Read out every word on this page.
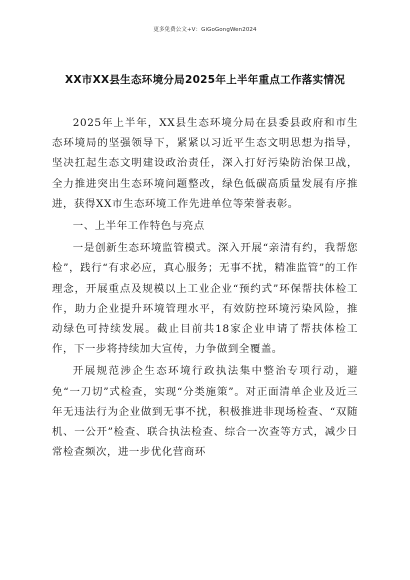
更多免费公文+V：GiGoGongWen2024
XX市XX县生态环境分局2025年上半年重点工作落实情况

2025年上半年，XX县生态环境分局在县委县政府和市生态环境局的坚强领导下，紧紧以习近平生态文明思想为指导，坚决扛起生态文明建设政治责任，深入打好污染防治保卫战，全力推进突出生态环境问题整改，绿色低碳高质量发展有序推进，获得XX市生态环境工作先进单位等荣誉表彰。

一、上半年工作特色与亮点

一是创新生态环境监管模式。深入开展“亲清有约，我帮您检”，践行“有求必应，真心服务；无事不扰，精准监管”的工作理念，开展重点及规模以上工业企业“预约式”环保帮扶体检工作，助力企业提升环境管理水平，有效防控环境污染风险，推动绿色可持续发展。截止目前共18家企业申请了帮扶体检工作，下一步将持续加大宣传，力争做到全覆盖。

开展规范涉企生态环境行政执法集中整治专项行动，避免“一刀切”式检查，实现“分类施策”。对正面清单企业及近三年无违法行为企业做到无事不扰，积极推进非现场检查、“双随机、一公开”检查、联合执法检查、综合一次查等方式，减少日常检查频次，进一步优化营商环
